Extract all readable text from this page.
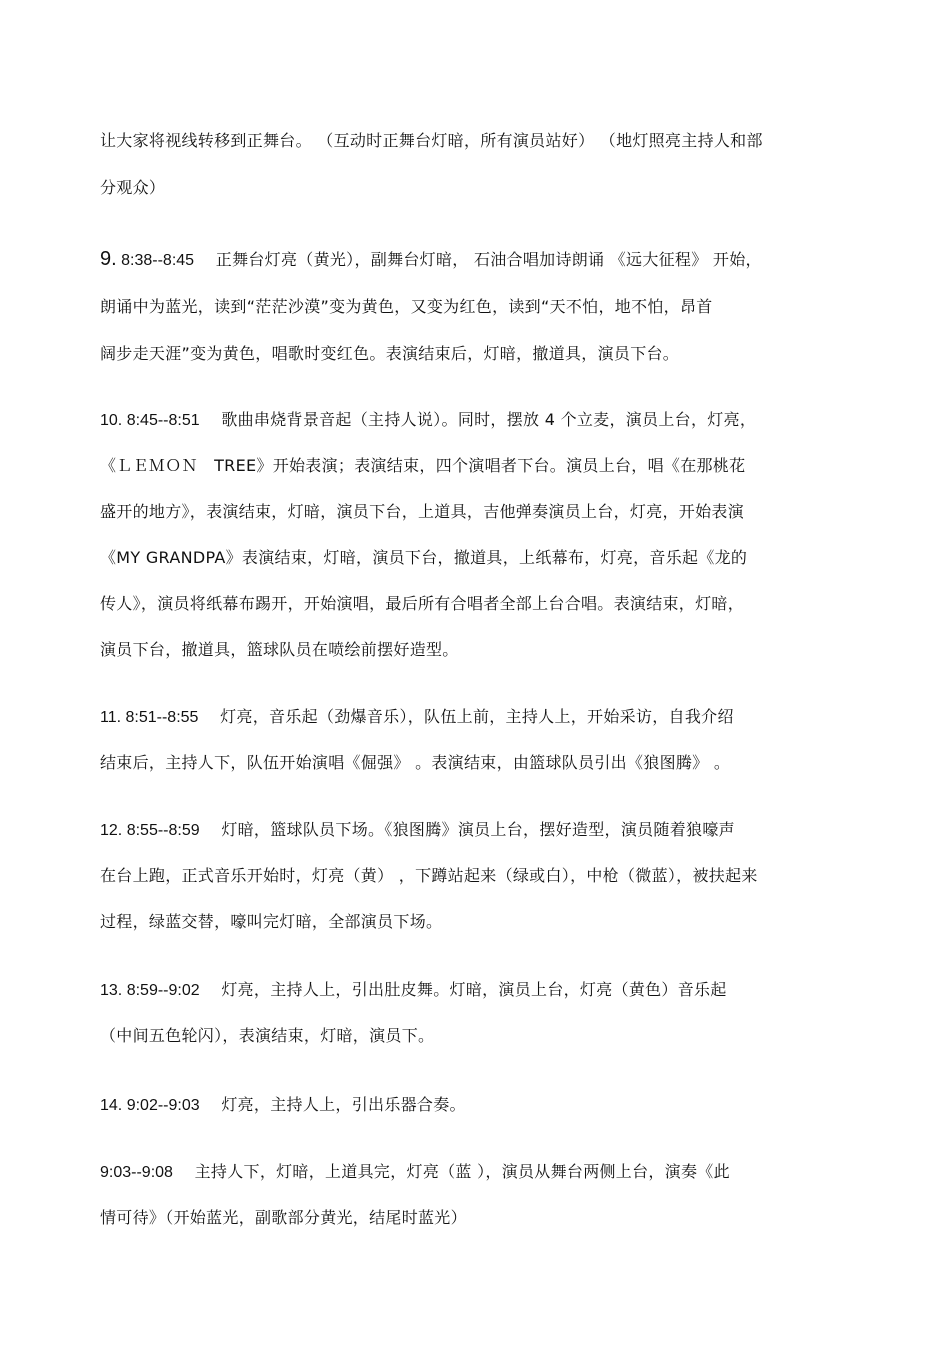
让大家将视线转移到正舞台。 （互动时正舞台灯暗，所有演员站好） （地灯照亮主持人和部
分观众）
9. 8:38--8:45　 正舞台灯亮（黄光），副舞台灯暗， 石油合唱加诗朗诵 《远大征程》 开始，
朗诵中为蓝光，读到“茫茫沙漠”变为黄色，又变为红色，读到“天不怕，地不怕，昂首
阔步走天涯”变为黄色，唱歌时变红色。表演结束后，灯暗，撤道具，演员下台。
10. 8:45--8:51　 歌曲串烧背景音起（主持人说）。同时，摆放 4 个立麦，演员上台，灯亮，
《ＬＥＭＯＮ　TREE》开始表演；表演结束，四个演唱者下台。演员上台，唱《在那桃花
盛开的地方》，表演结束，灯暗，演员下台，上道具，吉他弹奏演员上台，灯亮，开始表演
《MY GRANDPA》表演结束，灯暗，演员下台，撤道具，上纸幕布，灯亮，音乐起《龙的
传人》，演员将纸幕布踢开，开始演唱，最后所有合唱者全部上台合唱。表演结束，灯暗，
演员下台，撤道具，篮球队员在喷绘前摆好造型。
11. 8:51--8:55　 灯亮，音乐起（劲爆音乐），队伍上前，主持人上，开始采访，自我介绍
结束后，主持人下，队伍开始演唱《倔强》 。表演结束，由篮球队员引出《狼图腾》 。
12. 8:55--8:59　 灯暗，篮球队员下场。《狼图腾》演员上台，摆好造型，演员随着狼嚎声
在台上跑，正式音乐开始时，灯亮（黄） ，下蹲站起来（绿或白），中枪（微蓝），被扶起来
过程，绿蓝交替，嚎叫完灯暗，全部演员下场。
13. 8:59--9:02　 灯亮，主持人上，引出肚皮舞。灯暗，演员上台，灯亮（黄色）音乐起
（中间五色轮闪），表演结束，灯暗，演员下。
14. 9:02--9:03　 灯亮，主持人上，引出乐器合奏。
9:03--9:08　 主持人下，灯暗，上道具完，灯亮（蓝 ），演员从舞台两侧上台，演奏《此
情可待》（开始蓝光，副歌部分黄光，结尾时蓝光）
